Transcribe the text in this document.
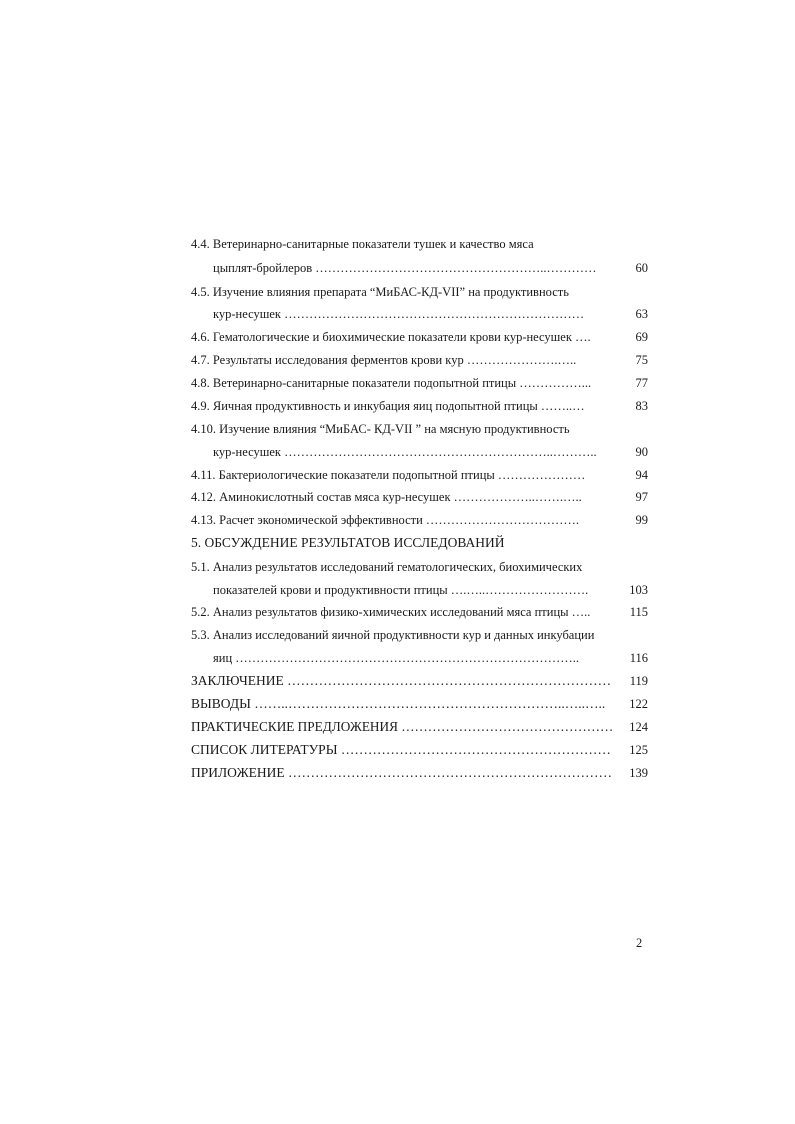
4.4. Ветеринарно-санитарные показатели тушек и качество мяса
цыплят-бройлеров ………………………………………………..…………	60
4.5. Изучение влияния препарата “МиБАС-КД-VII” на продуктивность
кур-несушек ………………………………………………………………	63
4.6. Гематологические и биохимические показатели крови кур-несушек ….	69
4.7. Результаты исследования ферментов крови кур ………………….…..	75
4.8. Ветеринарно-санитарные показатели подопытной птицы ……………...	77
4.9. Яичная продуктивность и инкубация яиц подопытной птицы ……..…	83
4.10. Изучение влияния “МиБАС- КД-VII ” на мясную продуктивность
кур-несушек ………………………………………………………..………..	90
4.11. Бактериологические показатели подопытной птицы …………………	94
4.12. Аминокислотный состав мяса кур-несушек ………………..…….…..	97
4.13. Расчет экономической эффективности ……………………………….	99
5. ОБСУЖДЕНИЕ РЕЗУЛЬТАТОВ ИССЛЕДОВАНИЙ
5.1. Анализ результатов исследований гематологических, биохимических
показателей крови и продуктивности птицы ….…..…………………….	103
5.2. Анализ результатов физико-химических исследований мяса птицы …..	115
5.3. Анализ исследований яичной продуктивности кур и данных инкубации
яиц ………………………………………………………………………..	116
ЗАКЛЮЧЕНИЕ ………………………………………………………………	119
ВЫВОДЫ ……..……………………………………………………..…..…..	122
ПРАКТИЧЕСКИЕ ПРЕДЛОЖЕНИЯ …………………………………………	124
СПИСОК ЛИТЕРАТУРЫ ……………………………………………………	125
ПРИЛОЖЕНИЕ ………………………………………………………………	139
2
